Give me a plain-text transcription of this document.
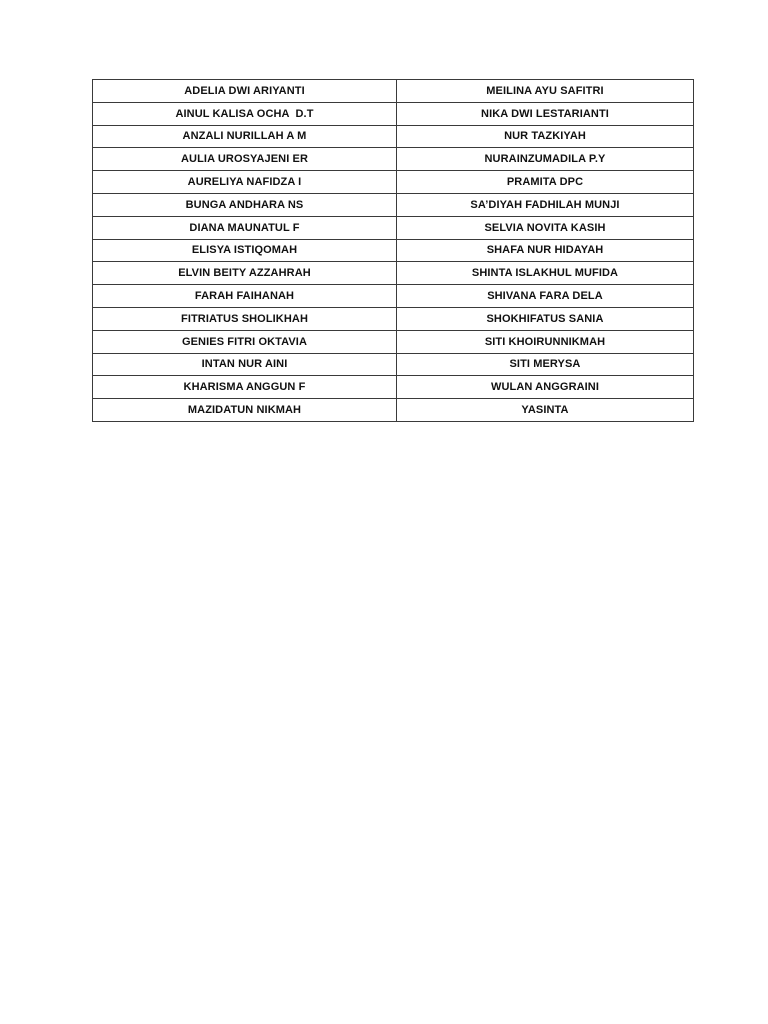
ADELIA DWI ARIYANTI	MEILINA AYU SAFITRI
AINUL KALISA OCHA  D.T	NIKA DWI LESTARIANTI
ANZALI NURILLAH A M	NUR TAZKIYAH
AULIA UROSYAJENI ER	NURAINZUMADILA P.Y
AURELIYA NAFIDZA I	PRAMITA DPC
BUNGA ANDHARA NS	SA’DIYAH FADHILAH MUNJI
DIANA MAUNATUL F	SELVIA NOVITA KASIH
ELISYA ISTIQOMAH	SHAFA NUR HIDAYAH
ELVIN BEITY AZZAHRAH	SHINTA ISLAKHUL MUFIDA
FARAH FAIHANAH	SHIVANA FARA DELA
FITRIATUS SHOLIKHAH	SHOKHIFATUS SANIA
GENIES FITRI OKTAVIA	SITI KHOIRUNNIKMAH
INTAN NUR AINI	SITI MERYSA
KHARISMA ANGGUN F	WULAN ANGGRAINI
MAZIDATUN NIKMAH	YASINTA
